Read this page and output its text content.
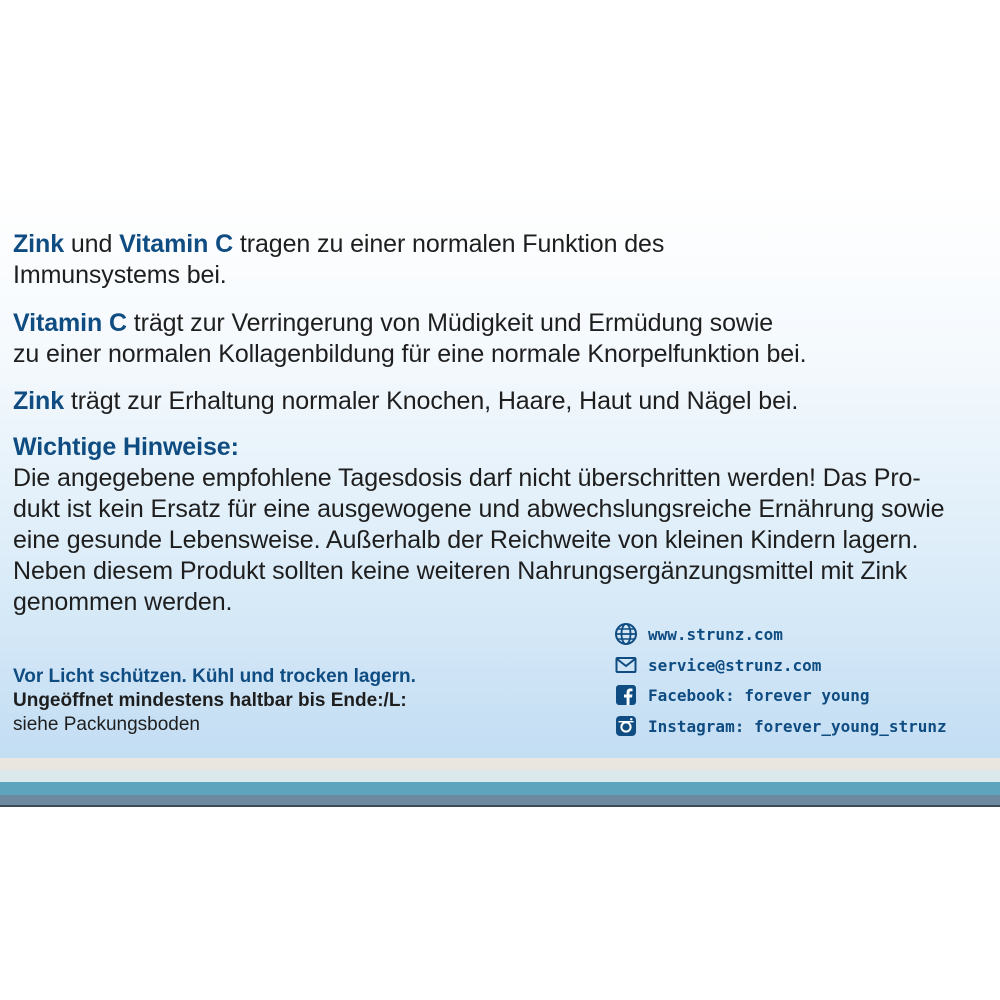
Zink und Vitamin C tragen zu einer normalen Funktion des
Immunsystems bei.
Vitamin C trägt zur Verringerung von Müdigkeit und Ermüdung sowie
zu einer normalen Kollagenbildung für eine normale Knorpelfunktion bei.
Zink trägt zur Erhaltung normaler Knochen, Haare, Haut und Nägel bei.
Wichtige Hinweise:
Die angegebene empfohlene Tagesdosis darf nicht überschritten werden! Das Pro-
dukt ist kein Ersatz für eine ausgewogene und abwechslungsreiche Ernährung sowie
eine gesunde Lebensweise. Außerhalb der Reichweite von kleinen Kindern lagern.
Neben diesem Produkt sollten keine weiteren Nahrungsergänzungsmittel mit Zink
genommen werden.
Vor Licht schützen. Kühl und trocken lagern.
Ungeöffnet mindestens haltbar bis Ende:/L:
siehe Packungsboden
www.strunz.com
service@strunz.com
Facebook: forever young
Instagram: forever_young_strunz
